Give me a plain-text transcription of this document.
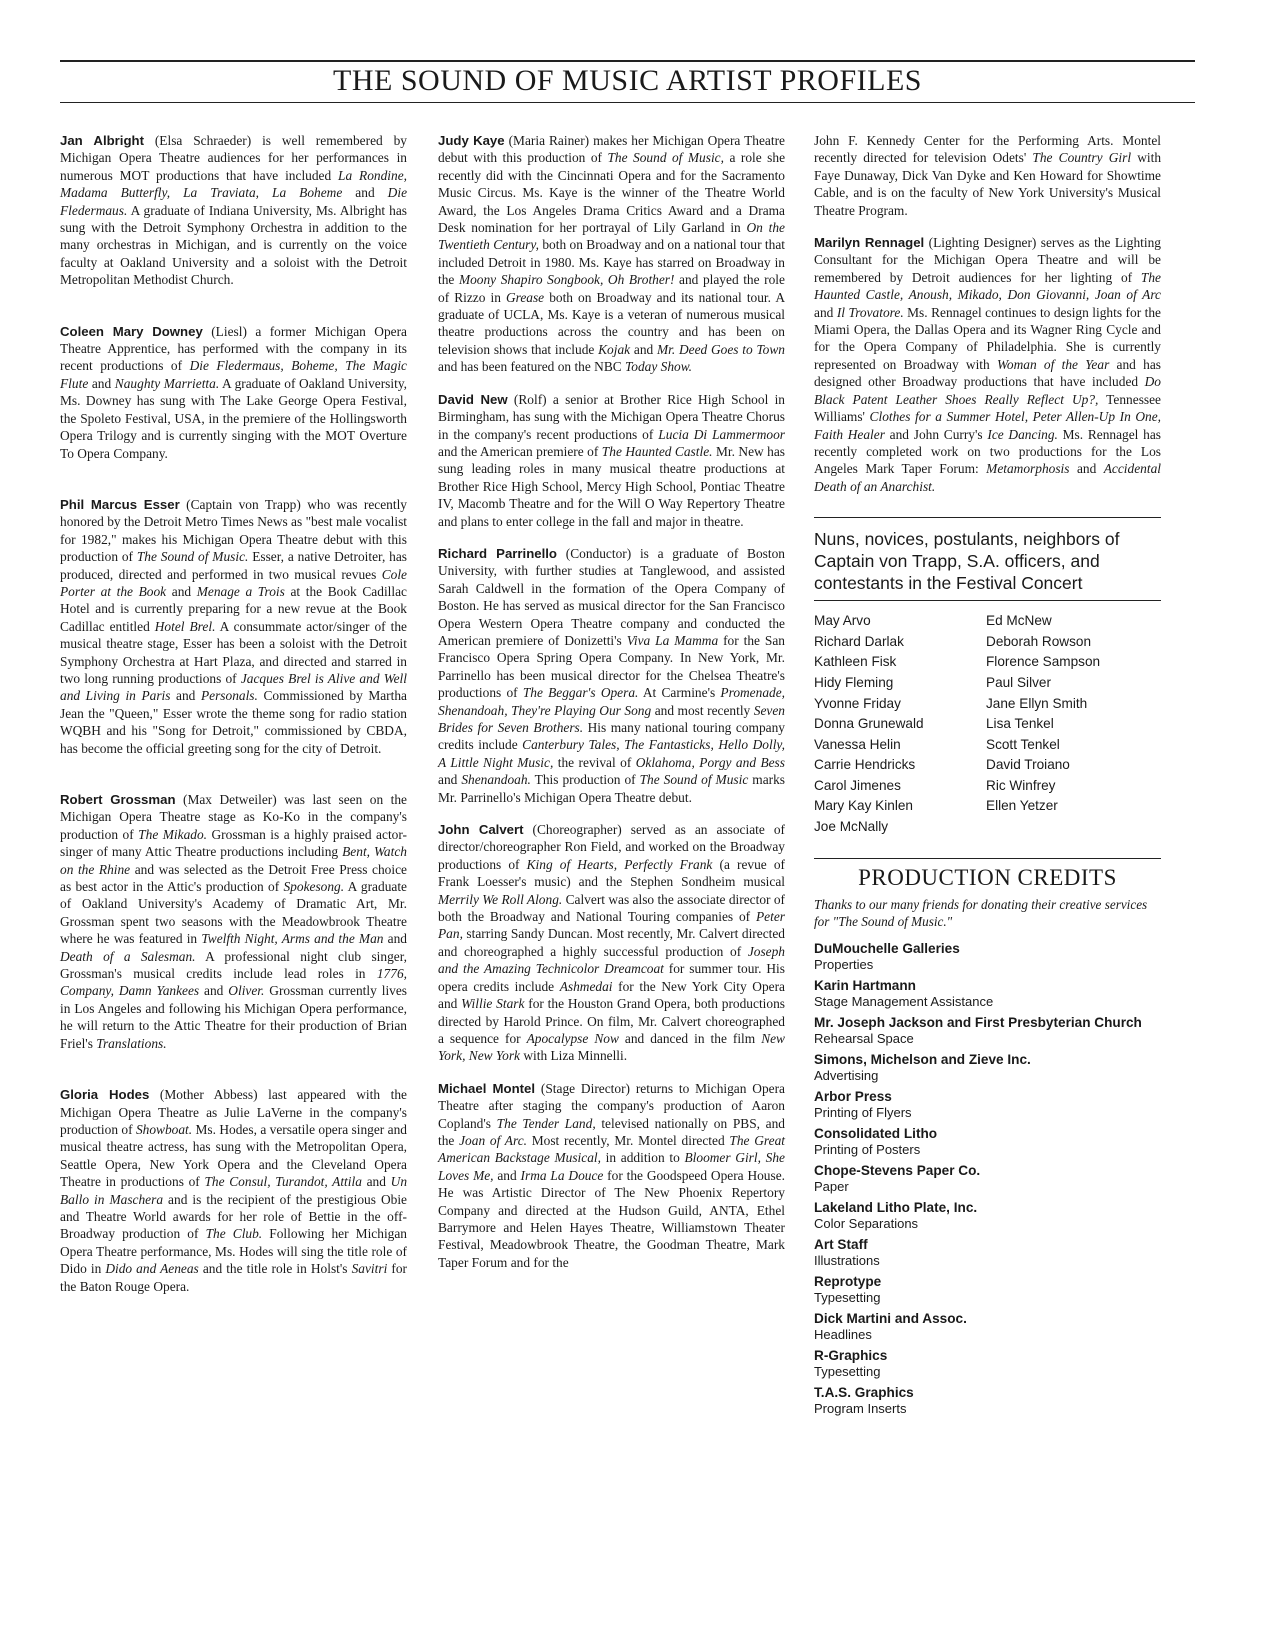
THE SOUND OF MUSIC ARTIST PROFILES

Jan Albright (Elsa Schraeder) is well remembered by Michigan Opera Theatre audiences for her performances in numerous MOT productions that have included La Rondine, Madama Butterfly, La Traviata, La Boheme and Die Fledermaus. A graduate of Indiana University, Ms. Albright has sung with the Detroit Symphony Orchestra in addition to the many orchestras in Michigan, and is currently on the voice faculty at Oakland University and a soloist with the Detroit Metropolitan Methodist Church.

Coleen Mary Downey (Liesl) a former Michigan Opera Theatre Apprentice, has performed with the company in its recent productions of Die Fledermaus, Boheme, The Magic Flute and Naughty Marrietta. A graduate of Oakland University, Ms. Downey has sung with The Lake George Opera Festival, the Spoleto Festival, USA, in the premiere of the Hollingsworth Opera Trilogy and is currently singing with the MOT Overture To Opera Company.

Phil Marcus Esser (Captain von Trapp) who was recently honored by the Detroit Metro Times News as "best male vocalist for 1982," makes his Michigan Opera Theatre debut with this production of The Sound of Music. Esser, a native Detroiter, has produced, directed and performed in two musical revues Cole Porter at the Book and Menage a Trois at the Book Cadillac Hotel and is currently preparing for a new revue at the Book Cadillac entitled Hotel Brel. A consummate actor/singer of the musical theatre stage, Esser has been a soloist with the Detroit Symphony Orchestra at Hart Plaza, and directed and starred in two long running productions of Jacques Brel is Alive and Well and Living in Paris and Personals. Commissioned by Martha Jean the "Queen," Esser wrote the theme song for radio station WQBH and his "Song for Detroit," commissioned by CBDA, has become the official greeting song for the city of Detroit.

Robert Grossman (Max Detweiler) was last seen on the Michigan Opera Theatre stage as Ko-Ko in the company's production of The Mikado. Grossman is a highly praised actor-singer of many Attic Theatre productions including Bent, Watch on the Rhine and was selected as the Detroit Free Press choice as best actor in the Attic's production of Spokesong. A graduate of Oakland University's Academy of Dramatic Art, Mr. Grossman spent two seasons with the Meadowbrook Theatre where he was featured in Twelfth Night, Arms and the Man and Death of a Salesman. A professional night club singer, Grossman's musical credits include lead roles in 1776, Company, Damn Yankees and Oliver. Grossman currently lives in Los Angeles and following his Michigan Opera performance, he will return to the Attic Theatre for their production of Brian Friel's Translations.

Gloria Hodes (Mother Abbess) last appeared with the Michigan Opera Theatre as Julie LaVerne in the company's production of Showboat. Ms. Hodes, a versatile opera singer and musical theatre actress, has sung with the Metropolitan Opera, Seattle Opera, New York Opera and the Cleveland Opera Theatre in productions of The Consul, Turandot, Attila and Un Ballo in Maschera and is the recipient of the prestigious Obie and Theatre World awards for her role of Bettie in the off-Broadway production of The Club. Following her Michigan Opera Theatre performance, Ms. Hodes will sing the title role of Dido in Dido and Aeneas and the title role in Holst's Savitri for the Baton Rouge Opera.

Judy Kaye (Maria Rainer) makes her Michigan Opera Theatre debut with this production of The Sound of Music, a role she recently did with the Cincinnati Opera and for the Sacramento Music Circus. Ms. Kaye is the winner of the Theatre World Award, the Los Angeles Drama Critics Award and a Drama Desk nomination for her portrayal of Lily Garland in On the Twentieth Century, both on Broadway and on a national tour that included Detroit in 1980. Ms. Kaye has starred on Broadway in the Moony Shapiro Songbook, Oh Brother! and played the role of Rizzo in Grease both on Broadway and its national tour. A graduate of UCLA, Ms. Kaye is a veteran of numerous musical theatre productions across the country and has been on television shows that include Kojak and Mr. Deed Goes to Town and has been featured on the NBC Today Show.

David New (Rolf) a senior at Brother Rice High School in Birmingham, has sung with the Michigan Opera Theatre Chorus in the company's recent productions of Lucia Di Lammermoor and the American premiere of The Haunted Castle. Mr. New has sung leading roles in many musical theatre productions at Brother Rice High School, Mercy High School, Pontiac Theatre IV, Macomb Theatre and for the Will O Way Repertory Theatre and plans to enter college in the fall and major in theatre.

Richard Parrinello (Conductor) is a graduate of Boston University, with further studies at Tanglewood, and assisted Sarah Caldwell in the formation of the Opera Company of Boston. He has served as musical director for the San Francisco Opera Western Opera Theatre company and conducted the American premiere of Donizetti's Viva La Mamma for the San Francisco Opera Spring Opera Company. In New York, Mr. Parrinello has been musical director for the Chelsea Theatre's productions of The Beggar's Opera. At Carmine's Promenade, Shenandoah, They're Playing Our Song and most recently Seven Brides for Seven Brothers. His many national touring company credits include Canterbury Tales, The Fantasticks, Hello Dolly, A Little Night Music, the revival of Oklahoma, Porgy and Bess and Shenandoah. This production of The Sound of Music marks Mr. Parrinello's Michigan Opera Theatre debut.

John Calvert (Choreographer) served as an associate of director/choreographer Ron Field, and worked on the Broadway productions of King of Hearts, Perfectly Frank (a revue of Frank Loesser's music) and the Stephen Sondheim musical Merrily We Roll Along. Calvert was also the associate director of both the Broadway and National Touring companies of Peter Pan, starring Sandy Duncan. Most recently, Mr. Calvert directed and choreographed a highly successful production of Joseph and the Amazing Technicolor Dreamcoat for summer tour. His opera credits include Ashmedai for the New York City Opera and Willie Stark for the Houston Grand Opera, both productions directed by Harold Prince. On film, Mr. Calvert choreographed a sequence for Apocalypse Now and danced in the film New York, New York with Liza Minnelli.

Michael Montel (Stage Director) returns to Michigan Opera Theatre after staging the company's production of Aaron Copland's The Tender Land, televised nationally on PBS, and the Joan of Arc. Most recently, Mr. Montel directed The Great American Backstage Musical, in addition to Bloomer Girl, She Loves Me, and Irma La Douce for the Goodspeed Opera House. He was Artistic Director of The New Phoenix Repertory Company and directed at the Hudson Guild, ANTA, Ethel Barrymore and Helen Hayes Theatre, Williamstown Theater Festival, Meadowbrook Theatre, the Goodman Theatre, Mark Taper Forum and for the

John F. Kennedy Center for the Performing Arts. Montel recently directed for television Odets' The Country Girl with Faye Dunaway, Dick Van Dyke and Ken Howard for Showtime Cable, and is on the faculty of New York University's Musical Theatre Program.

Marilyn Rennagel (Lighting Designer) serves as the Lighting Consultant for the Michigan Opera Theatre and will be remembered by Detroit audiences for her lighting of The Haunted Castle, Anoush, Mikado, Don Giovanni, Joan of Arc and Il Trovatore. Ms. Rennagel continues to design lights for the Miami Opera, the Dallas Opera and its Wagner Ring Cycle and for the Opera Company of Philadelphia. She is currently represented on Broadway with Woman of the Year and has designed other Broadway productions that have included Do Black Patent Leather Shoes Really Reflect Up?, Tennessee Williams' Clothes for a Summer Hotel, Peter Allen-Up In One, Faith Healer and John Curry's Ice Dancing. Ms. Rennagel has recently completed work on two productions for the Los Angeles Mark Taper Forum: Metamorphosis and Accidental Death of an Anarchist.

Nuns, novices, postulants, neighbors of Captain von Trapp, S.A. officers, and contestants in the Festival Concert

May Arvo
Richard Darlak
Kathleen Fisk
Hidy Fleming
Yvonne Friday
Donna Grunewald
Vanessa Helin
Carrie Hendricks
Carol Jimenes
Mary Kay Kinlen
Joe McNally
Ed McNew
Deborah Rowson
Florence Sampson
Paul Silver
Jane Ellyn Smith
Lisa Tenkel
Scott Tenkel
David Troiano
Ric Winfrey
Ellen Yetzer
PRODUCTION CREDITS

Thanks to our many friends for donating their creative services for "The Sound of Music."

DuMouchelle Galleries
Properties
Karin Hartmann
Stage Management Assistance
Mr. Joseph Jackson and First Presbyterian Church
Rehearsal Space
Simons, Michelson and Zieve Inc.
Advertising
Arbor Press
Printing of Flyers
Consolidated Litho
Printing of Posters
Chope-Stevens Paper Co.
Paper
Lakeland Litho Plate, Inc.
Color Separations
Art Staff
Illustrations
Reprotype
Typesetting
Dick Martini and Assoc.
Headlines
R-Graphics
Typesetting
T.A.S. Graphics
Program Inserts
